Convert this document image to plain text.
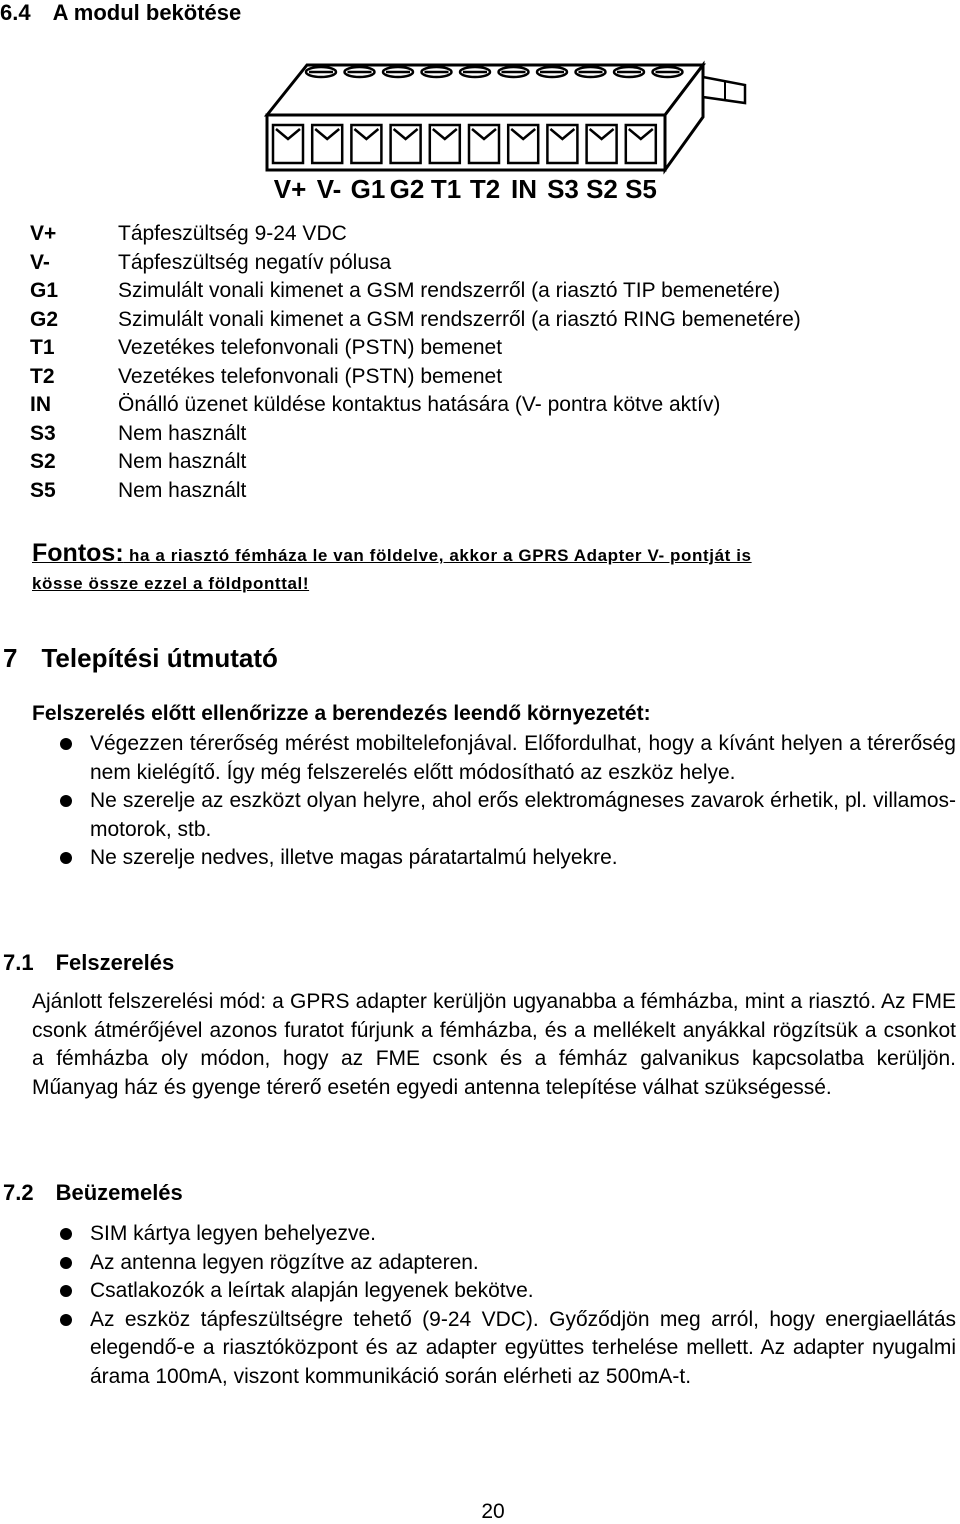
6.4 A modul bekötése
V+ V- G1 G2 T1 T2 IN S3 S2 S5
V+	Tápfeszültség 9-24 VDC
V-	Tápfeszültség negatív pólusa
G1	Szimulált vonali kimenet a GSM rendszerről (a riasztó TIP bemenetére)
G2	Szimulált vonali kimenet a GSM rendszerről (a riasztó RING bemenetére)
T1	Vezetékes telefonvonali (PSTN) bemenet
T2	Vezetékes telefonvonali (PSTN) bemenet
IN	Önálló üzenet küldése kontaktus hatására (V- pontra kötve aktív)
S3	Nem használt
S2	Nem használt
S5	Nem használt
Fontos: ha a riasztó fémháza le van földelve, akkor a GPRS Adapter V- pontját is
kösse össze ezzel a földponttal!
7 Telepítési útmutató
Felszerelés előtt ellenőrizze a berendezés leendő környezetét:
Végezzen térerőség mérést mobiltelefonjával. Előfordulhat, hogy a kívánt helyen a térerőség nem kielégítő. Így még felszerelés előtt módosítható az eszköz helye.
Ne szerelje az eszközt olyan helyre, ahol erős elektromágneses zavarok érhetik, pl. villamos-motorok, stb.
Ne szerelje nedves, illetve magas páratartalmú helyekre.
7.1 Felszerelés

Ajánlott felszerelési mód: a GPRS adapter kerüljön ugyanabba a fémházba, mint a riasztó. Az FME csonk átmérőjével azonos furatot fúrjunk a fémházba, és a mellékelt anyákkal rögzítsük a csonkot a fémházba oly módon, hogy az FME csonk és a fémház galvanikus kapcsolatba kerüljön. Műanyag ház és gyenge térerő esetén egyedi antenna telepítése válhat szükségessé.

7.2 Beüzemelés
SIM kártya legyen behelyezve.
Az antenna legyen rögzítve az adapteren.
Csatlakozók a leírtak alapján legyenek bekötve.
Az eszköz tápfeszültségre tehető (9-24 VDC). Győződjön meg arról, hogy energiaellátás elegendő-e a riasztóközpont és az adapter együttes terhelése mellett. Az adapter nyugalmi árama 100mA, viszont kommunikáció során elérheti az 500mA-t.
20
